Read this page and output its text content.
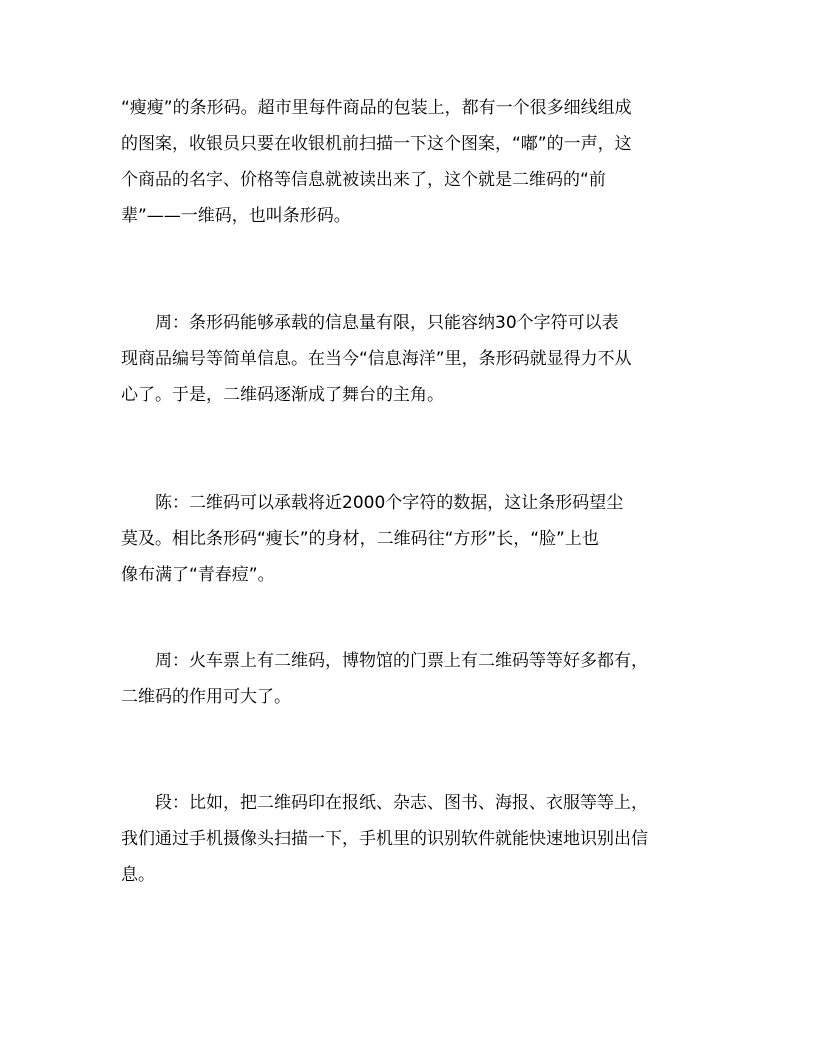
“瘦瘦”的条形码。超市里每件商品的包装上，都有一个很多细线组成
的图案，收银员只要在收银机前扫描一下这个图案，“嘟”的一声，这
个商品的名字、价格等信息就被读出来了，这个就是二维码的“前
辈”——一维码，也叫条形码。
　　周：条形码能够承载的信息量有限，只能容纳30个字符可以表
现商品编号等简单信息。在当今“信息海洋”里，条形码就显得力不从
心了。于是，二维码逐渐成了舞台的主角。
　　陈：二维码可以承载将近2000个字符的数据，这让条形码望尘
莫及。相比条形码“瘦长”的身材，二维码往“方形”长，“脸”上也
像布满了“青春痘”。
　　周：火车票上有二维码，博物馆的门票上有二维码等等好多都有，
二维码的作用可大了。
　　段：比如，把二维码印在报纸、杂志、图书、海报、衣服等等上，
我们通过手机摄像头扫描一下，手机里的识别软件就能快速地识别出信
息。
